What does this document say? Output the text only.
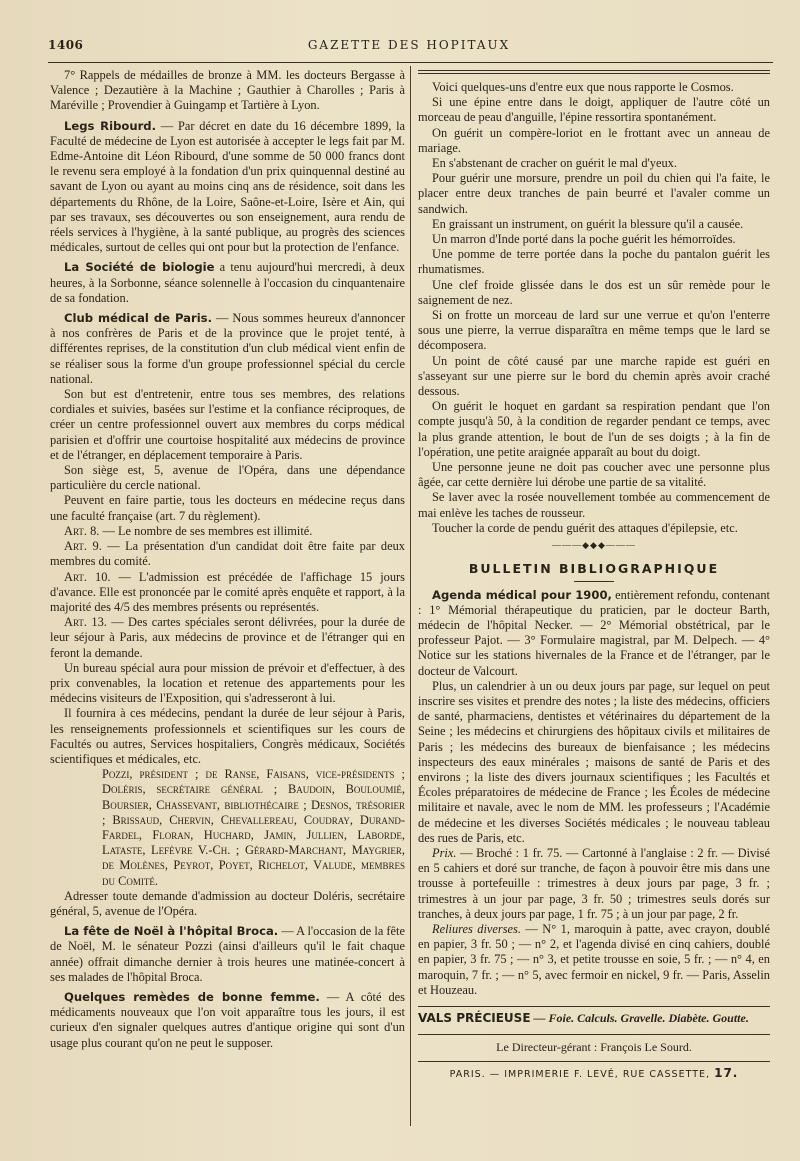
1406	GAZETTE DES HOPITAUX

7° Rappels de médailles de bronze à MM. les docteurs Bergasse à Valence ; Dezautière à la Machine ; Gauthier à Charolles ; Paris à Maréville ; Provendier à Guingamp et Tartière à Lyon.

Legs Ribourd. — Par décret en date du 16 décembre 1899, la Faculté de médecine de Lyon est autorisée à accepter le legs fait par M. Edme-Antoine dit Léon Ribourd, d'une somme de 50 000 francs dont le revenu sera employé à la fondation d'un prix quinquennal destiné au savant de Lyon ou ayant au moins cinq ans de résidence, soit dans les départements du Rhône, de la Loire, Saône-et-Loire, Isère et Ain, qui par ses travaux, ses découvertes ou son enseignement, aura rendu de réels services à l'hygiène, à la santé publique, au progrès des sciences médicales, surtout de celles qui ont pour but la protection de l'enfance.

La Société de biologie a tenu aujourd'hui mercredi, à deux heures, à la Sorbonne, séance solennelle à l'occasion du cinquantenaire de sa fondation.

Club médical de Paris. — Nous sommes heureux d'annoncer à nos confrères de Paris et de la province que le projet tenté, à différentes reprises, de la constitution d'un club médical vient enfin de se réaliser sous la forme d'un groupe professionnel spécial du cercle national.

Son but est d'entretenir, entre tous ses membres, des relations cordiales et suivies, basées sur l'estime et la confiance réciproques, de créer un centre professionnel ouvert aux membres du corps médical parisien et d'offrir une courtoise hospitalité aux médecins de province et de l'étranger, en déplacement temporaire à Paris.

Son siège est, 5, avenue de l'Opéra, dans une dépendance particulière du cercle national.

Peuvent en faire partie, tous les docteurs en médecine reçus dans une faculté française (art. 7 du règlement).

Art. 8. — Le nombre de ses membres est illimité.

Art. 9. — La présentation d'un candidat doit être faite par deux membres du comité.

Art. 10. — L'admission est précédée de l'affichage 15 jours d'avance. Elle est prononcée par le comité après enquête et rapport, à la majorité des 4/5 des membres présents ou représentés.

Art. 13. — Des cartes spéciales seront délivrées, pour la durée de leur séjour à Paris, aux médecins de province et de l'étranger qui en feront la demande.

Un bureau spécial aura pour mission de prévoir et d'effectuer, à des prix convenables, la location et retenue des appartements pour les médecins visiteurs de l'Exposition, qui s'adresseront à lui.

Il fournira à ces médecins, pendant la durée de leur séjour à Paris, les renseignements professionnels et scientifiques sur les cours de Facultés ou autres, Services hospitaliers, Congrès médicaux, Sociétés scientifiques et médicales, etc.

Pozzi, président ; de Ranse, Faisans, vice-présidents ; Doléris, secrétaire général ; Baudoin, Bouloumié, Boursier, Chassevant, bibliothécaire ; Desnos, trésorier ; Brissaud, Chervin, Chevallereau, Coudray, Durand-Fardel, Floran, Huchard, Jamin, Jullien, Laborde, Lataste, Lefèvre V.-Ch. ; Gérard-Marchant, Maygrier, de Molènes, Peyrot, Poyet, Richelot, Valude, membres du Comité.

Adresser toute demande d'admission au docteur Doléris, secrétaire général, 5, avenue de l'Opéra.

La fête de Noël à l'hôpital Broca. — A l'occasion de la fête de Noël, M. le sénateur Pozzi (ainsi d'ailleurs qu'il le fait chaque année) offrait dimanche dernier à trois heures une matinée-concert à ses malades de l'hôpital Broca.

Quelques remèdes de bonne femme. — A côté des médicaments nouveaux que l'on voit apparaître tous les jours, il est curieux d'en signaler quelques autres d'antique origine qui sont d'un usage plus courant qu'on ne peut le supposer.

Voici quelques-uns d'entre eux que nous rapporte le Cosmos.

Si une épine entre dans le doigt, appliquer de l'autre côté un morceau de peau d'anguille, l'épine ressortira spontanément.

On guérit un compère-loriot en le frottant avec un anneau de mariage.

En s'abstenant de cracher on guérit le mal d'yeux.

Pour guérir une morsure, prendre un poil du chien qui l'a faite, le placer entre deux tranches de pain beurré et l'avaler comme un sandwich.

En graissant un instrument, on guérit la blessure qu'il a causée.

Un marron d'Inde porté dans la poche guérit les hémorroïdes.

Une pomme de terre portée dans la poche du pantalon guérit les rhumatismes.

Une clef froide glissée dans le dos est un sûr remède pour le saignement de nez.

Si on frotte un morceau de lard sur une verrue et qu'on l'enterre sous une pierre, la verrue disparaîtra en même temps que le lard se décomposera.

Un point de côté causé par une marche rapide est guéri en s'asseyant sur une pierre sur le bord du chemin après avoir craché dessous.

On guérit le hoquet en gardant sa respiration pendant que l'on compte jusqu'à 50, à la condition de regarder pendant ce temps, avec la plus grande attention, le bout de l'un de ses doigts ; à la fin de l'opération, une petite araignée apparaît au bout du doigt.

Une personne jeune ne doit pas coucher avec une personne plus âgée, car cette dernière lui dérobe une partie de sa vitalité.

Se laver avec la rosée nouvellement tombée au commencement de mai enlève les taches de rousseur.

Toucher la corde de pendu guérit des attaques d'épilepsie, etc.

———◆◆◆———
BULLETIN BIBLIOGRAPHIQUE

Agenda médical pour 1900, entièrement refondu, contenant : 1° Mémorial thérapeutique du praticien, par le docteur Barth, médecin de l'hôpital Necker. — 2° Mémorial obstétrical, par le professeur Pajot. — 3° Formulaire magistral, par M. Delpech. — 4° Notice sur les stations hivernales de la France et de l'étranger, par le docteur de Valcourt.

Plus, un calendrier à un ou deux jours par page, sur lequel on peut inscrire ses visites et prendre des notes ; la liste des médecins, officiers de santé, pharmaciens, dentistes et vétérinaires du département de la Seine ; les médecins et chirurgiens des hôpitaux civils et militaires de Paris ; les médecins des bureaux de bienfaisance ; les médecins inspecteurs des eaux minérales ; maisons de santé de Paris et des environs ; la liste des divers journaux scientifiques ; les Facultés et Écoles préparatoires de médecine de France ; les Écoles de médecine militaire et navale, avec le nom de MM. les professeurs ; l'Académie de médecine et les diverses Sociétés médicales ; le nouveau tableau des rues de Paris, etc.

Prix. — Broché : 1 fr. 75. — Cartonné à l'anglaise : 2 fr. — Divisé en 5 cahiers et doré sur tranche, de façon à pouvoir être mis dans une trousse à portefeuille : trimestres à deux jours par page, 3 fr. ; trimestres à un jour par page, 3 fr. 50 ; trimestres seuls dorés sur tranches, à deux jours par page, 1 fr. 75 ; à un jour par page, 2 fr.

Reliures diverses. — N° 1, maroquin à patte, avec crayon, doublé en papier, 3 fr. 50 ; — n° 2, et l'agenda divisé en cinq cahiers, doublé en papier, 3 fr. 75 ; — n° 3, et petite trousse en soie, 5 fr. ; — n° 4, en maroquin, 7 fr. ; — n° 5, avec fermoir en nickel, 9 fr. — Paris, Asselin et Houzeau.

VALS PRÉCIEUSE — Foie. Calculs. Gravelle. Diabète. Goutte.

Le Directeur-gérant : François Le Sourd.

PARIS. — IMPRIMERIE F. LEVÉ, RUE CASSETTE, 17.
